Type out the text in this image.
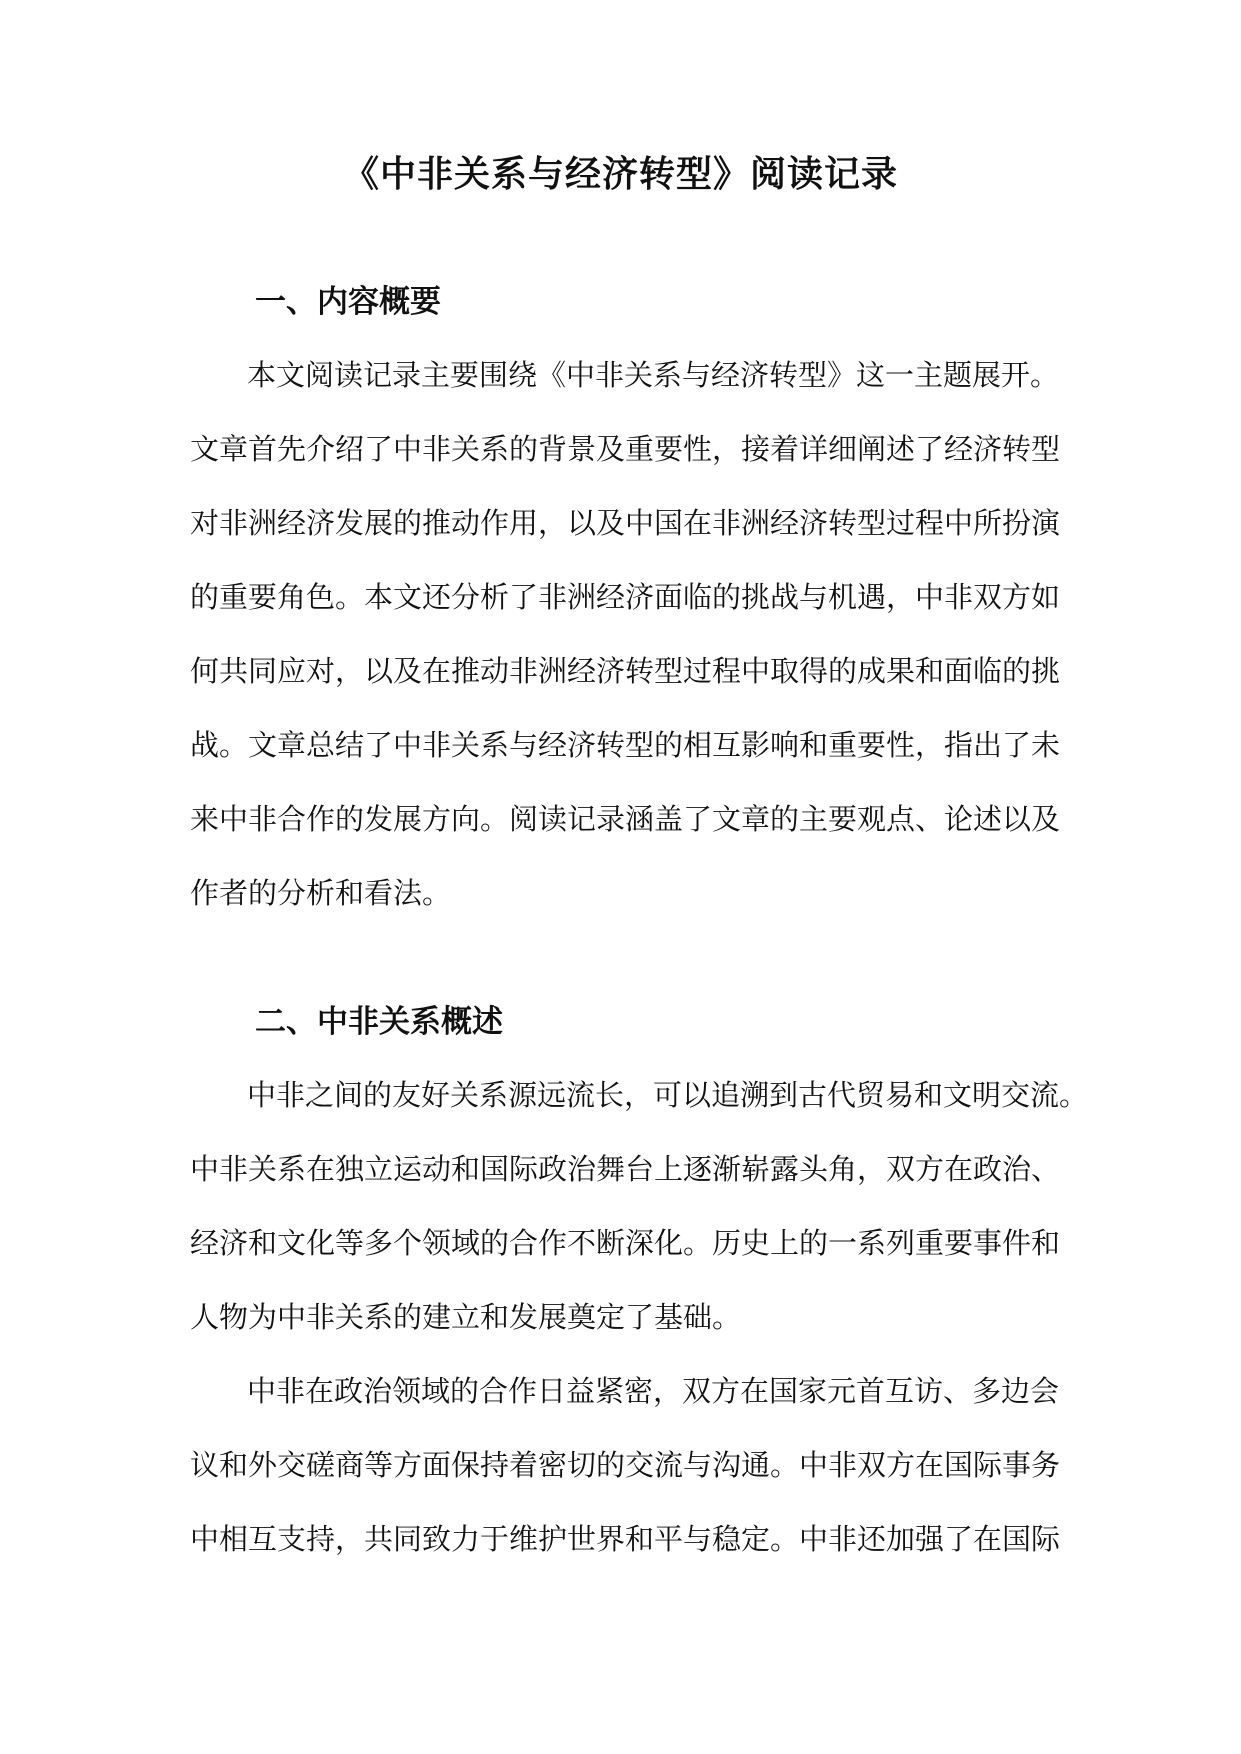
《中非关系与经济转型》阅读记录
一、内容概要
本文阅读记录主要围绕《中非关系与经济转型》这一主题展开。
文章首先介绍了中非关系的背景及重要性，接着详细阐述了经济转型
对非洲经济发展的推动作用，以及中国在非洲经济转型过程中所扮演
的重要角色。本文还分析了非洲经济面临的挑战与机遇，中非双方如
何共同应对，以及在推动非洲经济转型过程中取得的成果和面临的挑
战。文章总结了中非关系与经济转型的相互影响和重要性，指出了未
来中非合作的发展方向。阅读记录涵盖了文章的主要观点、论述以及
作者的分析和看法。
二、中非关系概述
中非之间的友好关系源远流长，可以追溯到古代贸易和文明交流。
中非关系在独立运动和国际政治舞台上逐渐崭露头角，双方在政治、
经济和文化等多个领域的合作不断深化。历史上的一系列重要事件和
人物为中非关系的建立和发展奠定了基础。
中非在政治领域的合作日益紧密，双方在国家元首互访、多边会
议和外交磋商等方面保持着密切的交流与沟通。中非双方在国际事务
中相互支持，共同致力于维护世界和平与稳定。中非还加强了在国际
